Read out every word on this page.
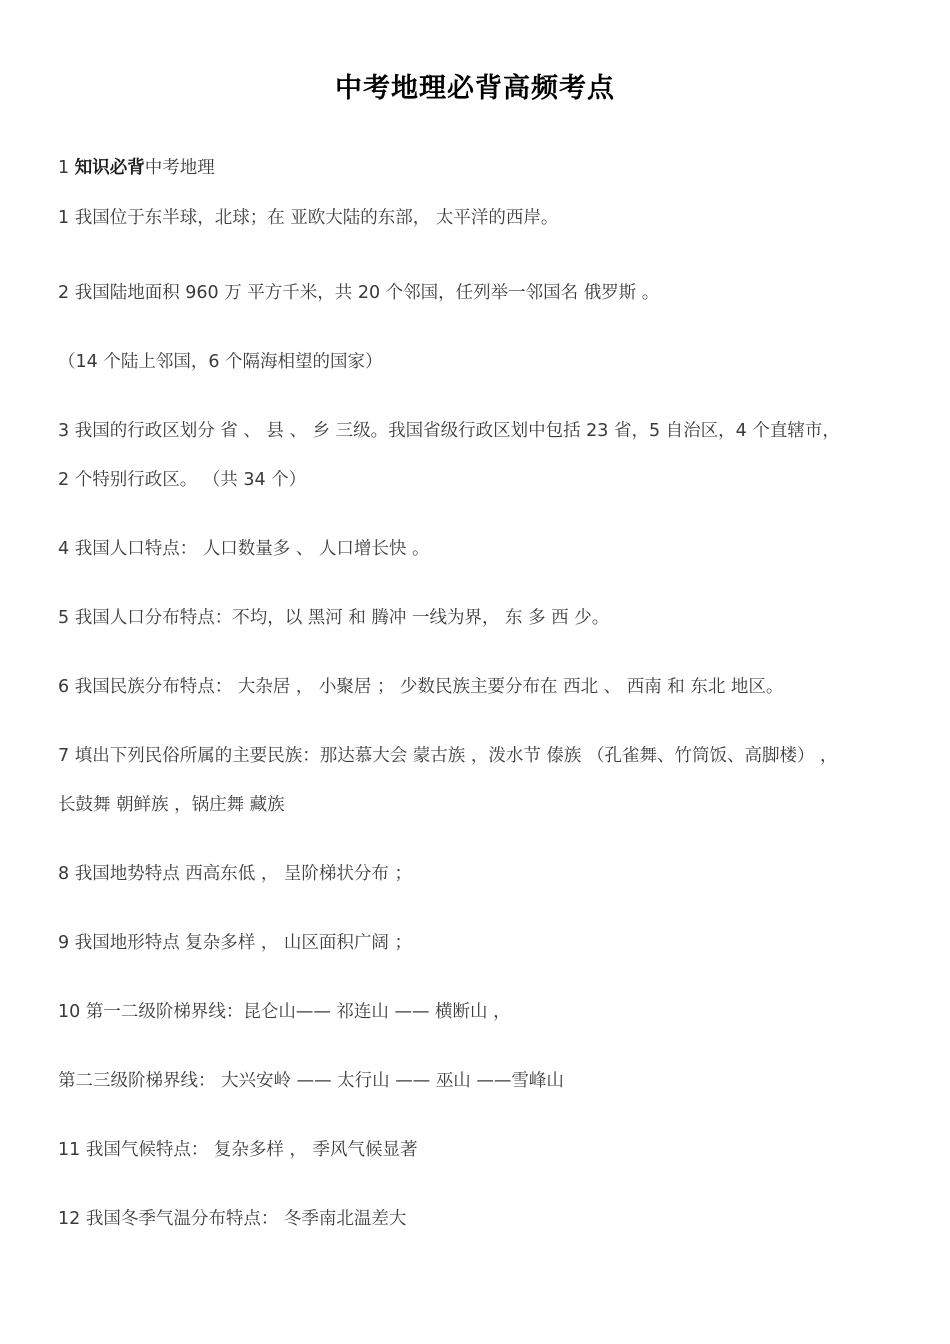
中考地理必背高频考点
1 知识必背中考地理
1 我国位于东半球，北球；在 亚欧大陆的东部， 太平洋的西岸。
2 我国陆地面积 960 万 平方千米，共 20 个邻国，任列举一邻国名 俄罗斯 。
（14 个陆上邻国，6 个隔海相望的国家）
3 我国的行政区划分 省 、 县 、 乡 三级。我国省级行政区划中包括 23 省，5 自治区，4 个直辖市，
2 个特别行政区。 （共 34 个）
4 我国人口特点： 人口数量多 、 人口增长快 。
5 我国人口分布特点：不均，以 黑河 和 腾冲 一线为界， 东 多 西 少。
6 我国民族分布特点： 大杂居 ， 小聚居 ； 少数民族主要分布在 西北 、 西南 和 东北 地区。
7 填出下列民俗所属的主要民族：那达慕大会 蒙古族 ，泼水节 傣族 （孔雀舞、竹筒饭、高脚楼） ，
长鼓舞 朝鲜族 ，锅庄舞 藏族
8 我国地势特点 西高东低 ， 呈阶梯状分布 ；
9 我国地形特点 复杂多样 ， 山区面积广阔 ；
10 第一二级阶梯界线：昆仑山—— 祁连山 —— 横断山 ，
第二三级阶梯界线： 大兴安岭 —— 太行山 —— 巫山 ——雪峰山
11 我国气候特点： 复杂多样 ， 季风气候显著
12 我国冬季气温分布特点： 冬季南北温差大
